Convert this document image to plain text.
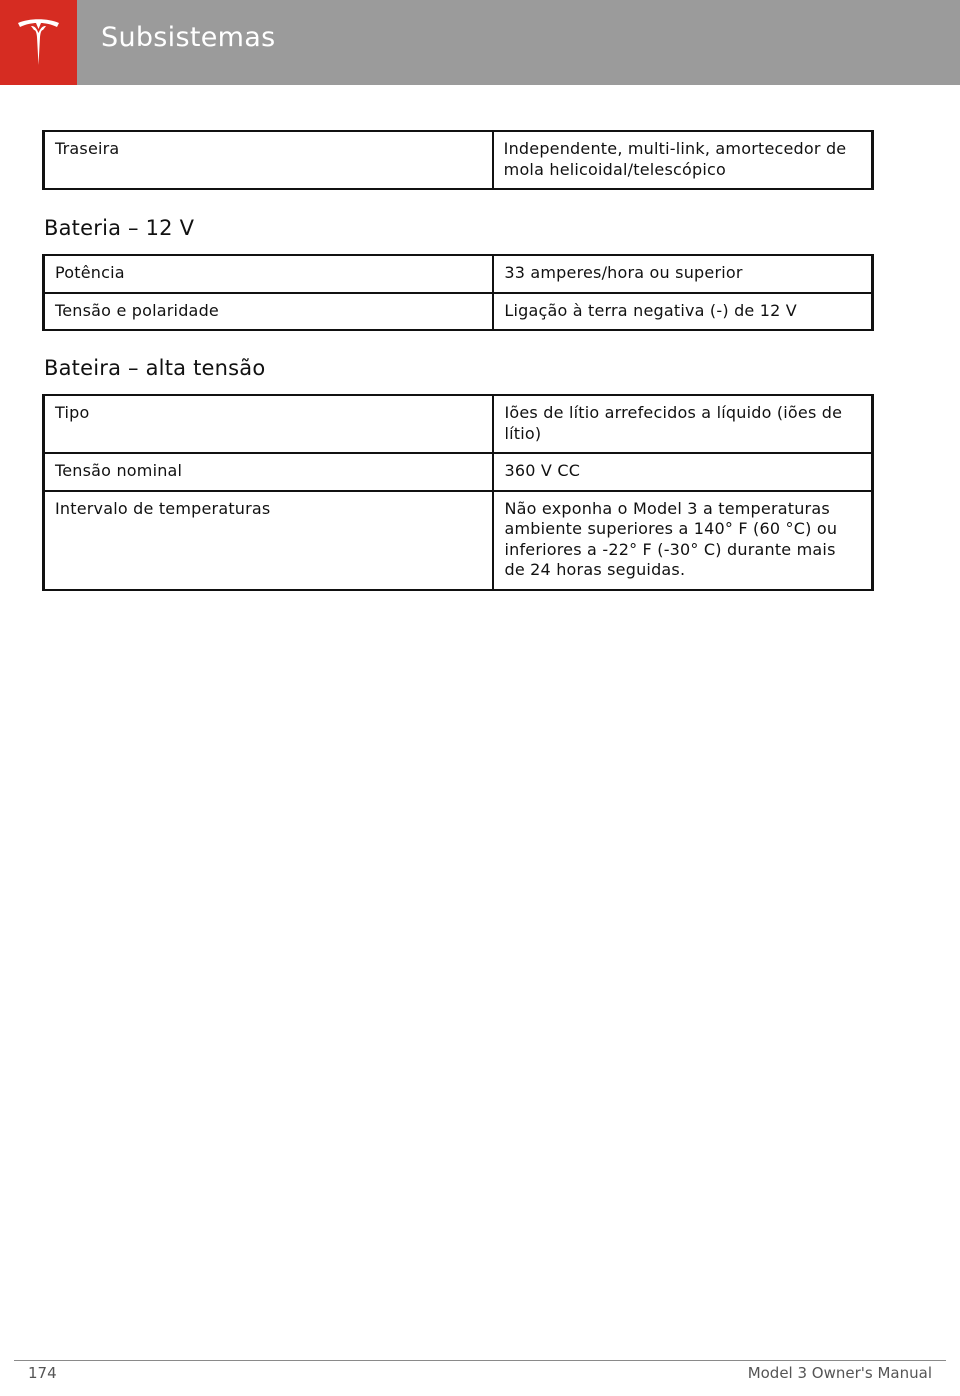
Subsistemas
Traseira	Independente, multi-link, amortecedor de mola helicoidal/telescópico
Bateria – 12 V
Potência	33 amperes/hora ou superior
Tensão e polaridade	Ligação à terra negativa (-) de 12 V
Bateira – alta tensão
Tipo	Iões de lítio arrefecidos a líquido (iões de lítio)
Tensão nominal	360 V CC
Intervalo de temperaturas	Não exponha o Model 3 a temperaturas ambiente superiores a 140° F (60 °C) ou inferiores a -22° F (-30° C) durante mais de 24 horas seguidas.
174	Model 3 Owner's Manual
